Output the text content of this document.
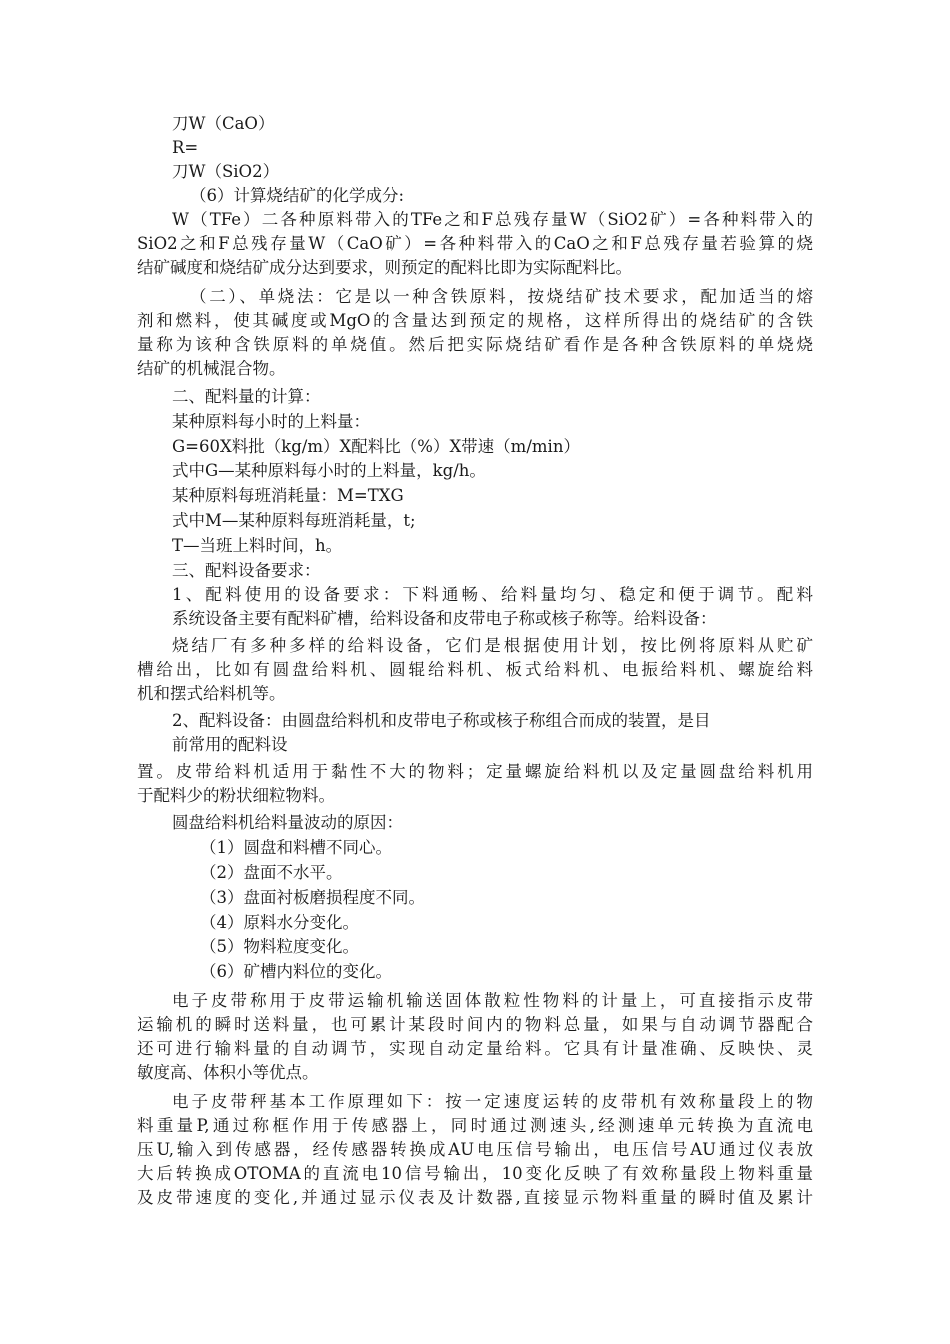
刀W（CaO）
R=
刀W（SiO2）
（6）计算烧结矿的化学成分:
W（TFe）二各种原料带入的TFe之和F总残存量W（SiO2矿）=各种料带入的
SiO2之和F总残存量W（CaO矿）=各种料带入的CaO之和F总残存量若验算的烧
结矿碱度和烧结矿成分达到要求，则预定的配料比即为实际配料比。
（二）、单烧法：它是以一种含铁原料，按烧结矿技术要求，配加适当的熔
剂和燃料，使其碱度或MgO的含量达到预定的规格，这样所得出的烧结矿的含铁
量称为该种含铁原料的单烧值。然后把实际烧结矿看作是各种含铁原料的单烧烧
结矿的机械混合物。
二、配料量的计算：
某种原料每小时的上料量：
G=60X料批（kg/m）X配料比（%）X带速（m/min）
式中G—某种原料每小时的上料量，kg/h。
某种原料每班消耗量：M=TXG
式中M—某种原料每班消耗量，t;
T—当班上料时间，h。
三、配料设备要求：
1、配料使用的设备要求：下料通畅、给料量均匀、稳定和便于调节。配料
系统设备主要有配料矿槽，给料设备和皮带电子称或核子称等。给料设备：
烧结厂有多种多样的给料设备，它们是根据使用计划，按比例将原料从贮矿
槽给出，比如有圆盘给料机、圆辊给料机、板式给料机、电振给料机、螺旋给料
机和摆式给料机等。
2、配料设备：由圆盘给料机和皮带电子称或核子称组合而成的装置，是目
前常用的配料设
置。皮带给料机适用于黏性不大的物料；定量螺旋给料机以及定量圆盘给料机用
于配料少的粉状细粒物料。
圆盘给料机给料量波动的原因：
（1）圆盘和料槽不同心。
（2）盘面不水平。
（3）盘面衬板磨损程度不同。
（4）原料水分变化。
（5）物料粒度变化。
（6）矿槽内料位的变化。
电子皮带称用于皮带运输机输送固体散粒性物料的计量上，可直接指示皮带
运输机的瞬时送料量，也可累计某段时间内的物料总量，如果与自动调节器配合
还可进行输料量的自动调节，实现自动定量给料。它具有计量准确、反映快、灵
敏度高、体积小等优点。
电子皮带秤基本工作原理如下：按一定速度运转的皮带机有效称量段上的物
料重量P,通过称框作用于传感器上，同时通过测速头,经测速单元转换为直流电
压U,输入到传感器，经传感器转换成AU电压信号输出，电压信号AU通过仪表放
大后转换成OTOMA的直流电10信号输出，10变化反映了有效称量段上物料重量
及皮带速度的变化,并通过显示仪表及计数器,直接显示物料重量的瞬时值及累计
